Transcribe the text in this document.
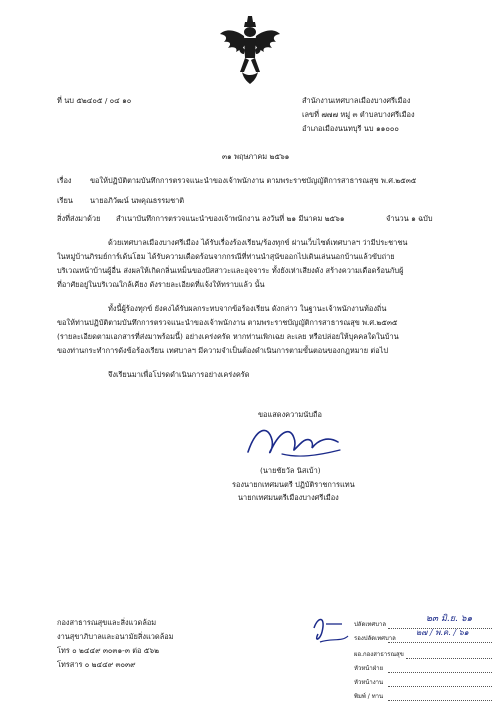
ที่ นบ ๕๒๔๐๕ / ๐๔ ๑๐	สำนักงานเทศบาลเมืองบางศรีเมือง
เลขที่ ๗๗๗ หมู่ ๓ ตำบลบางศรีเมือง
อำเภอเมืองนนทบุรี นบ ๑๑๐๐๐
๓๑ พฤษภาคม ๒๕๖๑
เรื่อง ขอให้ปฏิบัติตามบันทึกการตรวจแนะนำของเจ้าพนักงาน ตามพระราชบัญญัติการสาธารณสุข พ.ศ.๒๕๓๕
เรียน นายอภิวัฒน์ นพคุณธรรมชาติ
สิ่งที่ส่งมาด้วย สำเนาบันทึกการตรวจแนะนำของเจ้าพนักงาน ลงวันที่ ๒๑ มีนาคม ๒๕๖๑	จำนวน ๑ ฉบับ
ด้วยเทศบาลเมืองบางศรีเมือง ได้รับเรื่องร้องเรียน/ร้องทุกข์ ผ่านเว็บไซต์เทศบาลฯ ว่ามีประชาชน
ในหมู่บ้านภิรมย์การ์เด้นโฮม ได้รับความเดือดร้อนจากกรณีที่ท่านนำสุนัขออกไปเดินเล่นนอกบ้านแล้วขับถ่าย
บริเวณหน้าบ้านผู้อื่น ส่งผลให้เกิดกลิ่นเหม็นของปัสสาวะและอุจจาระ ทั้งยังเห่าเสียงดัง สร้างความเดือดร้อนกับผู้
ที่อาศัยอยู่ในบริเวณใกล้เคียง ดังรายละเอียดที่แจ้งให้ทราบแล้ว นั้น
ทั้งนี้ผู้ร้องทุกข์ ยังคงได้รับผลกระทบจากข้อร้องเรียน ดังกล่าว ในฐานะเจ้าพนักงานท้องถิ่น
ขอให้ท่านปฏิบัติตามบันทึกการตรวจแนะนำของเจ้าพนักงาน ตามพระราชบัญญัติการสาธารณสุข พ.ศ.๒๕๓๕
(รายละเอียดตามเอกสารที่ส่งมาพร้อมนี้) อย่างเคร่งครัด หากท่านเพิกเฉย ละเลย หรือปล่อยให้บุคคลใดในบ้าน
ของท่านกระทำการดังข้อร้องเรียน เทศบาลฯ มีความจำเป็นต้องดำเนินการตามขั้นตอนของกฎหมาย ต่อไป
จึงเรียนมาเพื่อโปรดดำเนินการอย่างเคร่งครัด
ขอแสดงความนับถือ
(นายชัยวัล นิสเบ้า)
รองนายกเทศมนตรี ปฏิบัติราชการแทน
นายกเทศมนตรีเมืองบางศรีเมือง
กองสาธารณสุขและสิ่งแวดล้อม
งานสุขาภิบาลและอนามัยสิ่งแวดล้อม
โทร ๐ ๒๔๔๙ ๓๐๓๑-๓ ต่อ ๕๖๒
โทรสาร ๐ ๒๔๔๙ ๓๐๓๙
๒๓ มิ.ย. ๖๑
๒๗ / พ.ค. / ๖๑
ปลัดเทศบาล
รองปลัดเทศบาล
ผอ.กองสาธารณสุข
หัวหน้าฝ่าย
หัวหน้างาน
พิมพ์ / ทาน
